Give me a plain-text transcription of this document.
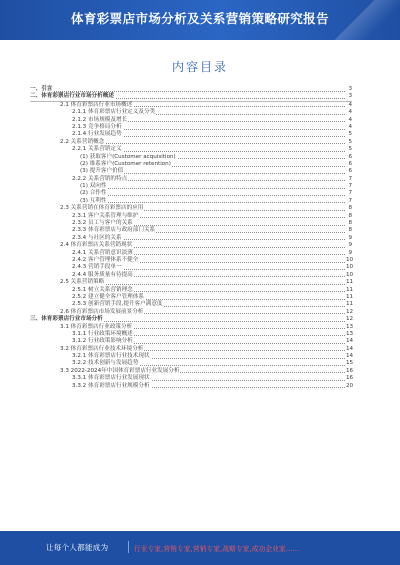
体育彩票店市场分析及关系营销策略研究报告
内容目录
一、引言	3
二、体育彩票店行业市场分析概述	3
2.1 体育彩票店行业市场概述	4
2.1.1 体育彩票店行业定义及分类	4
2.1.2 市场规模及增长	4
2.1.3 竞争格局分析	4
2.1.4 行业发展趋势	5
2.2 关系营销概念	5
2.2.1 关系营销定义	5
(1) 获取客户(Customer acquisition)	6
(2) 维系客户(Customer retention)	6
(3) 提升客户价值	6
2.2.2 关系营销的特点	7
(1) 双向性	7
(2) 合作性	7
(3) 互利性	7
2.3 关系营销在体育彩票店的应用	8
2.3.1 客户关系管理与维护	8
2.3.2 员工与客户的关系	8
2.3.3 体育彩票店与政府部门关系	8
2.3.4 与社区的关系	9
2.4 体育彩票店关系营销现状	9
2.4.1 关系营销意识淡薄	9
2.4.2 客户管理体系不健全	10
2.4.3 营销手段单一	10
2.4.4 服务质量有待提高	10
2.5 关系营销策略	11
2.5.1 树立关系营销理念	11
2.5.2 建立健全客户管理体系	11
2.5.3 创新营销手段,提升客户满意度	11
2.6 体育彩票店市场发展前景分析	12
三、体育彩票店行业市场分析	12
3.1 体育彩票店行业政策分析	13
3.1.1 行业政策环境概述	13
3.1.2 行业政策影响分析	14
3.2 体育彩票店行业技术环境分析	14
3.2.1 体育彩票店行业技术现状	14
3.2.2 技术创新与发展趋势	15
3.3 2022-2024年中国体育彩票店行业发展分析	16
3.3.1 体育彩票店行业发展现状	16
3.3.2 体育彩票店行业规模分析	20
让每个人都能成为	行业专家,营销专家,营销专家,战略专家,成功企业家……
